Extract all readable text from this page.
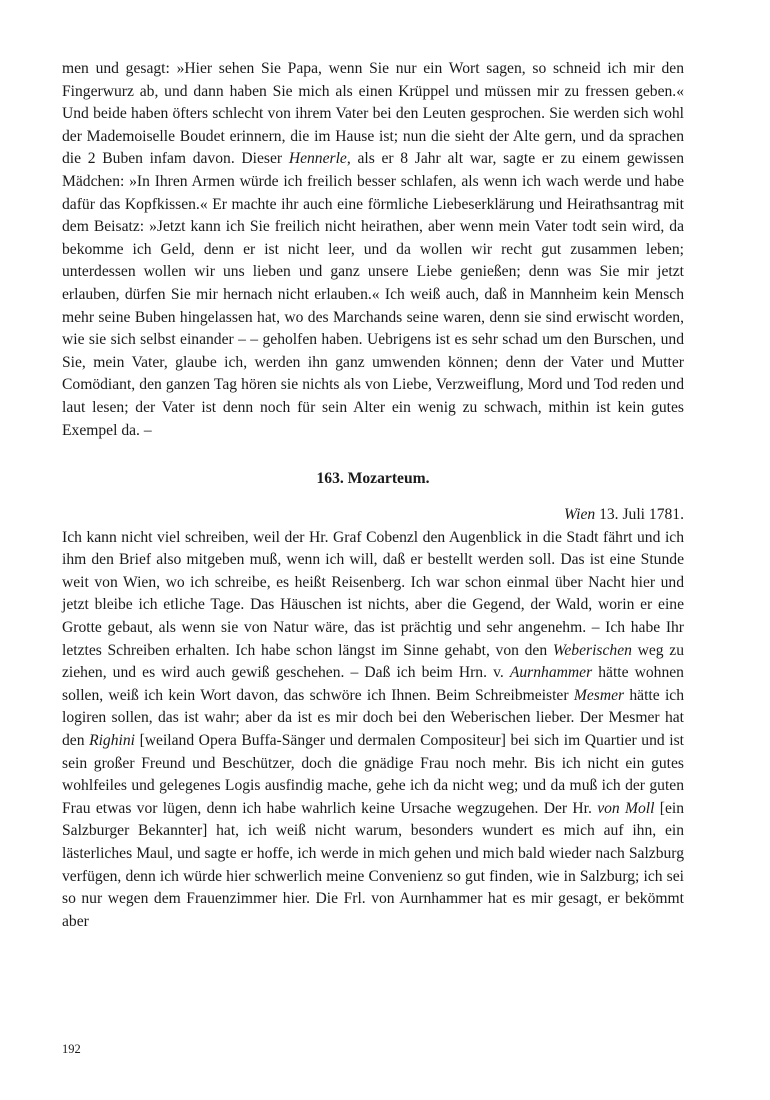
men und gesagt: »Hier sehen Sie Papa, wenn Sie nur ein Wort sagen, so schneid ich mir den Fingerwurz ab, und dann haben Sie mich als einen Krüppel und müssen mir zu fressen geben.« Und beide haben öfters schlecht von ihrem Vater bei den Leuten gesprochen. Sie werden sich wohl der Mademoiselle Boudet erinnern, die im Hause ist; nun die sieht der Alte gern, und da sprachen die 2 Buben infam davon. Dieser Hennerle, als er 8 Jahr alt war, sagte er zu einem gewissen Mädchen: »In Ihren Armen würde ich freilich besser schlafen, als wenn ich wach werde und habe dafür das Kopfkissen.« Er machte ihr auch eine förmliche Liebeserklärung und Heirathsantrag mit dem Beisatz: »Jetzt kann ich Sie freilich nicht heirathen, aber wenn mein Vater todt sein wird, da bekomme ich Geld, denn er ist nicht leer, und da wollen wir recht gut zusammen leben; unterdessen wollen wir uns lieben und ganz unsere Liebe genießen; denn was Sie mir jetzt erlauben, dürfen Sie mir hernach nicht erlauben.« Ich weiß auch, daß in Mannheim kein Mensch mehr seine Buben hingelassen hat, wo des Marchands seine waren, denn sie sind erwischt worden, wie sie sich selbst einander – – geholfen haben. Uebrigens ist es sehr schad um den Burschen, und Sie, mein Vater, glaube ich, werden ihn ganz umwenden können; denn der Vater und Mutter Comödiant, den ganzen Tag hören sie nichts als von Liebe, Verzweiflung, Mord und Tod reden und laut lesen; der Vater ist denn noch für sein Alter ein wenig zu schwach, mithin ist kein gutes Exempel da. –

163. Mozarteum.

Wien 13. Juli 1781.

Ich kann nicht viel schreiben, weil der Hr. Graf Cobenzl den Augenblick in die Stadt fährt und ich ihm den Brief also mitgeben muß, wenn ich will, daß er bestellt werden soll. Das ist eine Stunde weit von Wien, wo ich schreibe, es heißt Reisenberg. Ich war schon einmal über Nacht hier und jetzt bleibe ich etliche Tage. Das Häuschen ist nichts, aber die Gegend, der Wald, worin er eine Grotte gebaut, als wenn sie von Natur wäre, das ist prächtig und sehr angenehm. – Ich habe Ihr letztes Schreiben erhalten. Ich habe schon längst im Sinne gehabt, von den Weberischen weg zu ziehen, und es wird auch gewiß geschehen. – Daß ich beim Hrn. v. Aurnhammer hätte wohnen sollen, weiß ich kein Wort davon, das schwöre ich Ihnen. Beim Schreibmeister Mesmer hätte ich logiren sollen, das ist wahr; aber da ist es mir doch bei den Weberischen lieber. Der Mesmer hat den Righini [weiland Opera Buffa-Sänger und dermalen Compositeur] bei sich im Quartier und ist sein großer Freund und Beschützer, doch die gnädige Frau noch mehr. Bis ich nicht ein gutes wohlfeiles und gelegenes Logis ausfindig mache, gehe ich da nicht weg; und da muß ich der guten Frau etwas vor lügen, denn ich habe wahrlich keine Ursache wegzugehen. Der Hr. von Moll [ein Salzburger Bekannter] hat, ich weiß nicht warum, besonders wundert es mich auf ihn, ein lästerliches Maul, und sagte er hoffe, ich werde in mich gehen und mich bald wieder nach Salzburg verfügen, denn ich würde hier schwerlich meine Convenienz so gut finden, wie in Salzburg; ich sei so nur wegen dem Frauenzimmer hier. Die Frl. von Aurnhammer hat es mir gesagt, er bekömmt aber

192
